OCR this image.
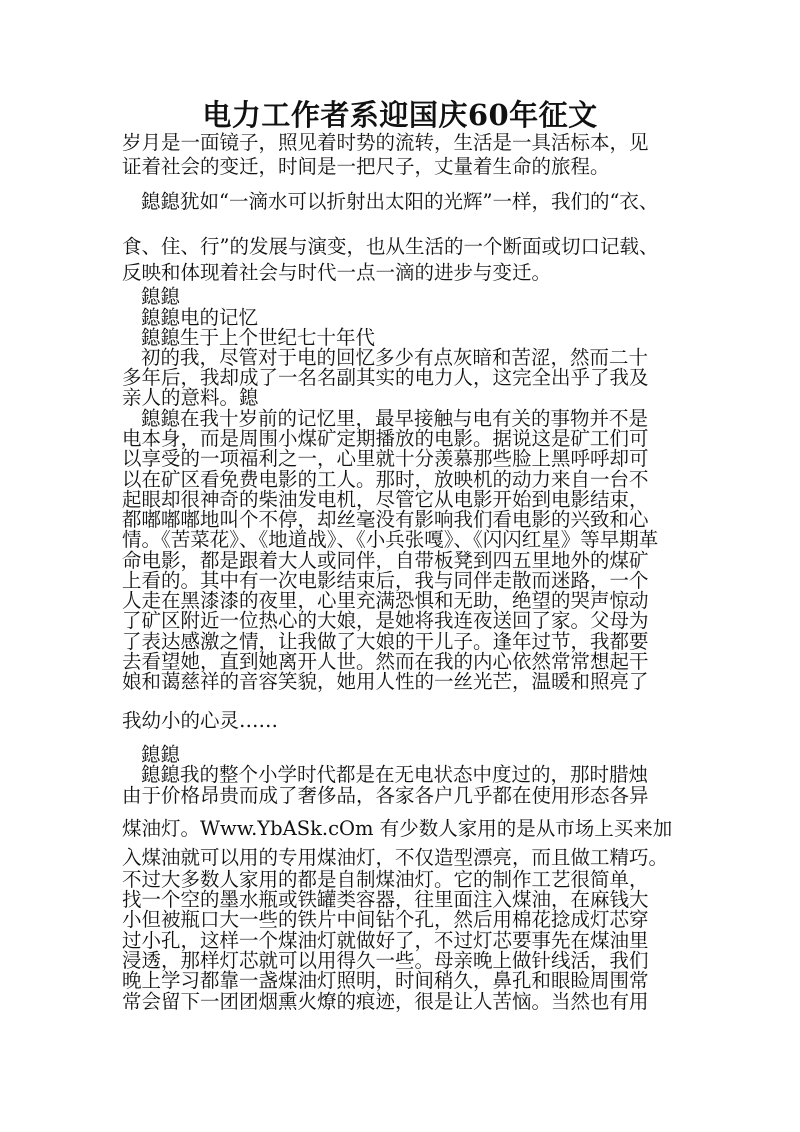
电力工作者系迎国庆60年征文
岁月是一面镜子，照见着时势的流转，生活是一具活标本，见
证着社会的变迁，时间是一把尺子，丈量着生命的旅程。
鎴鎴犹如“一滴水可以折射出太阳的光辉”一样，我们的“衣、
食、住、行”的发展与演变，也从生活的一个断面或切口记载、
反映和体现着社会与时代一点一滴的进步与变迁。
鎴鎴
鎴鎴电的记忆
鎴鎴生于上个世纪七十年代
初的我，尽管对于电的回忆多少有点灰暗和苦涩，然而二十
多年后，我却成了一名名副其实的电力人，这完全出乎了我及
亲人的意料。鎴
鎴鎴在我十岁前的记忆里，最早接触与电有关的事物并不是
电本身，而是周围小煤矿定期播放的电影。据说这是矿工们可
以享受的一项福利之一，心里就十分羡慕那些脸上黑呼呼却可
以在矿区看免费电影的工人。那时，放映机的动力来自一台不
起眼却很神奇的柴油发电机，尽管它从电影开始到电影结束，
都嘟嘟嘟地叫个不停，却丝毫没有影响我们看电影的兴致和心
情。《苦菜花》、《地道战》、《小兵张嘎》、《闪闪红星》等早期革
命电影，都是跟着大人或同伴，自带板凳到四五里地外的煤矿
上看的。其中有一次电影结束后，我与同伴走散而迷路，一个
人走在黑漆漆的夜里，心里充满恐惧和无助，绝望的哭声惊动
了矿区附近一位热心的大娘，是她将我连夜送回了家。父母为
了表达感激之情，让我做了大娘的干儿子。逢年过节，我都要
去看望她，直到她离开人世。然而在我的内心依然常常想起干
娘和蔼慈祥的音容笑貌，她用人性的一丝光芒，温暖和照亮了
我幼小的心灵……
鎴鎴
鎴鎴我的整个小学时代都是在无电状态中度过的，那时腊烛
由于价格昂贵而成了奢侈品，各家各户几乎都在使用形态各异
煤油灯。Www.YbASk.cOm 有少数人家用的是从市场上买来加
入煤油就可以用的专用煤油灯，不仅造型漂亮，而且做工精巧。
不过大多数人家用的都是自制煤油灯。它的制作工艺很简单，
找一个空的墨水瓶或铁罐类容器，往里面注入煤油，在麻钱大
小但被瓶口大一些的铁片中间钻个孔，然后用棉花捻成灯芯穿
过小孔，这样一个煤油灯就做好了，不过灯芯要事先在煤油里
浸透，那样灯芯就可以用得久一些。母亲晚上做针线活，我们
晚上学习都靠一盏煤油灯照明，时间稍久，鼻孔和眼睑周围常
常会留下一团团烟熏火燎的痕迹，很是让人苦恼。当然也有用
